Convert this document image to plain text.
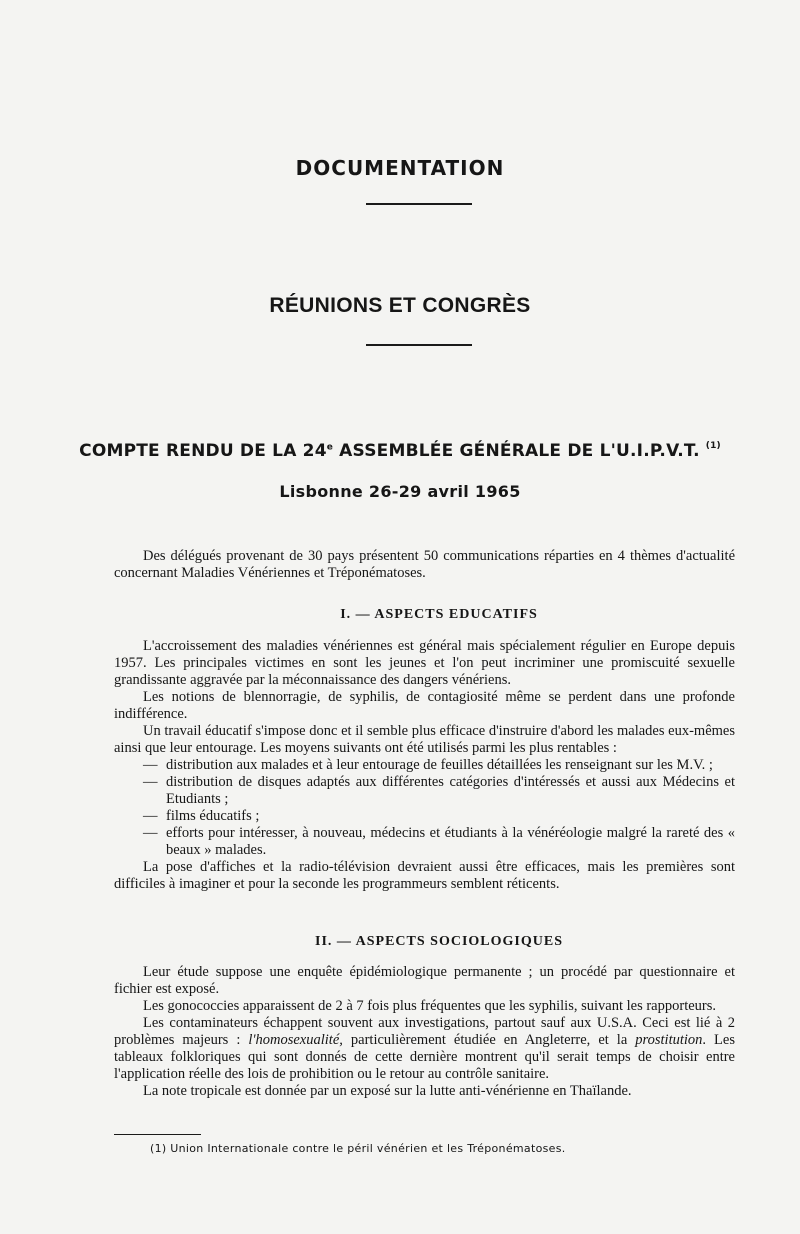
DOCUMENTATION
RÉUNIONS ET CONGRÈS
COMPTE RENDU DE LA 24e ASSEMBLÉE GÉNÉRALE DE L'U.I.P.V.T. $^{(1)}$
Lisbonne 26-29 avril 1965

Des délégués provenant de 30 pays présentent 50 communications réparties en 4 thèmes d'actualité concernant Maladies Vénériennes et Tréponématoses.

I. — ASPECTS EDUCATIFS

L'accroissement des maladies vénériennes est général mais spécialement régulier en Europe depuis 1957. Les principales victimes en sont les jeunes et l'on peut incriminer une promiscuité sexuelle grandissante aggravée par la méconnaissance des dangers vénériens.

Les notions de blennorragie, de syphilis, de contagiosité même se perdent dans une profonde indifférence.

Un travail éducatif s'impose donc et il semble plus efficace d'instruire d'abord les malades eux-mêmes ainsi que leur entourage. Les moyens suivants ont été utilisés parmi les plus rentables :

— distribution aux malades et à leur entourage de feuilles détaillées les renseignant sur les M.V. ;
— distribution de disques adaptés aux différentes catégories d'intéressés et aussi aux Médecins et Etudiants ;
— films éducatifs ;
— efforts pour intéresser, à nouveau, médecins et étudiants à la vénéréologie malgré la rareté des « beaux » malades.

La pose d'affiches et la radio-télévision devraient aussi être efficaces, mais les premières sont difficiles à imaginer et pour la seconde les programmeurs semblent réticents.

II. — ASPECTS SOCIOLOGIQUES

Leur étude suppose une enquête épidémiologique permanente ; un procédé par questionnaire et fichier est exposé.

Les gonococcies apparaissent de 2 à 7 fois plus fréquentes que les syphilis, suivant les rapporteurs.

Les contaminateurs échappent souvent aux investigations, partout sauf aux U.S.A. Ceci est lié à 2 problèmes majeurs : l'homosexualité, particulièrement étudiée en Angleterre, et la prostitution. Les tableaux folkloriques qui sont donnés de cette dernière montrent qu'il serait temps de choisir entre l'application réelle des lois de prohibition ou le retour au contrôle sanitaire.

La note tropicale est donnée par un exposé sur la lutte anti-vénérienne en Thaïlande.

(1) Union Internationale contre le péril vénérien et les Tréponématoses.
